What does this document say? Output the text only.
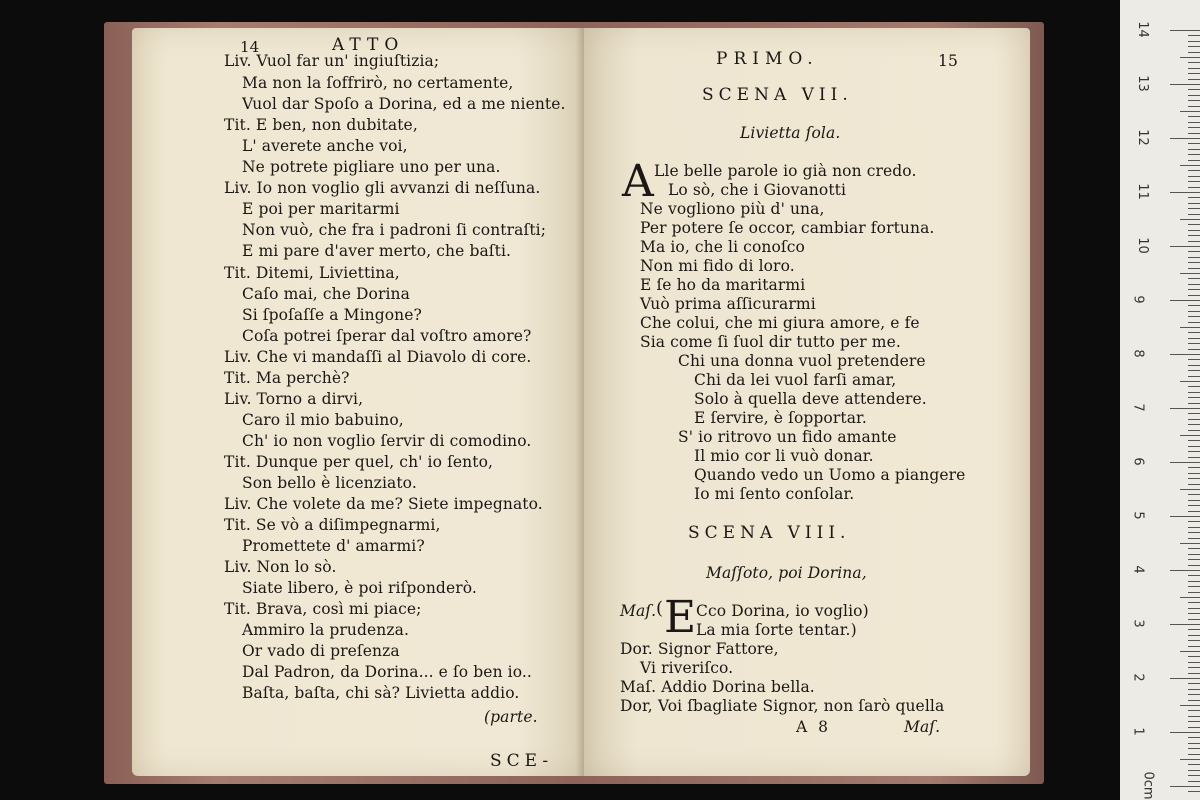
14	ATTO
Liv. Vuol far un' ingiuſtizia;
Ma non la ſoffrirò, no certamente,
Vuol dar Spoſo a Dorina, ed a me niente.
Tit. E ben, non dubitate,
L' averete anche voi,
Ne potrete pigliare uno per una.
Liv. Io non voglio gli avvanzi di neſſuna.
E poi per maritarmi
Non vuò, che fra i padroni ſi contraſti;
E mi pare d'aver merto, che baſti.
Tit. Ditemi, Liviettina,
Caſo mai, che Dorina
Si ſpoſaſſe a Mingone?
Coſa potrei ſperar dal voſtro amore?
Liv. Che vi mandaſſi al Diavolo di core.
Tit. Ma perchè?
Liv. Torno a dirvi,
Caro il mio babuino,
Ch' io non voglio ſervir di comodino.
Tit. Dunque per quel, ch' io ſento,
Son bello è licenziato.
Liv. Che volete da me? Siete impegnato.
Tit. Se vò a diſimpegnarmi,
Promettete d' amarmi?
Liv. Non lo sò.
Siate libero, è poi riſponderò.
Tit. Brava, così mi piace;
Ammiro la prudenza.
Or vado di preſenza
Dal Padron, da Dorina... e ſo ben io..
Baſta, baſta, chi sà? Livietta addio.
(parte.
SCE-
PRIMO.	15
SCENA VII.
Livietta ſola.
A Lle belle parole io già non credo.
Lo sò, che i Giovanotti
Ne vogliono più d' una,
Per potere ſe occor, cambiar fortuna.
Ma io, che li conoſco
Non mi fido di loro.
E ſe ho da maritarmi
Vuò prima aſſicurarmi
Che colui, che mi giura amore, e fe
Sia come ſi ſuol dir tutto per me.
Chi una donna vuol pretendere
Chi da lei vuol farſi amar,
Solo à quella deve attendere.
E ſervire, è ſopportar.
S' io ritrovo un fido amante
Il mio cor li vuò donar.
Quando vedo un Uomo a piangere
Io mi ſento conſolar.
SCENA VIII.
Maſſoto, poi Dorina,
Maſ. ( E Cco Dorina, io voglio)
La mia ſorte tentar.)
Dor. Signor Fattore,
Vi riveriſco.
Maſ. Addio Dorina bella.
Dor, Voi ſbagliate Signor, non ſarò quella
A 8	Maſ.
14
13
12
11
10
9
8
7
6
5
4
3
2
1
0cm
